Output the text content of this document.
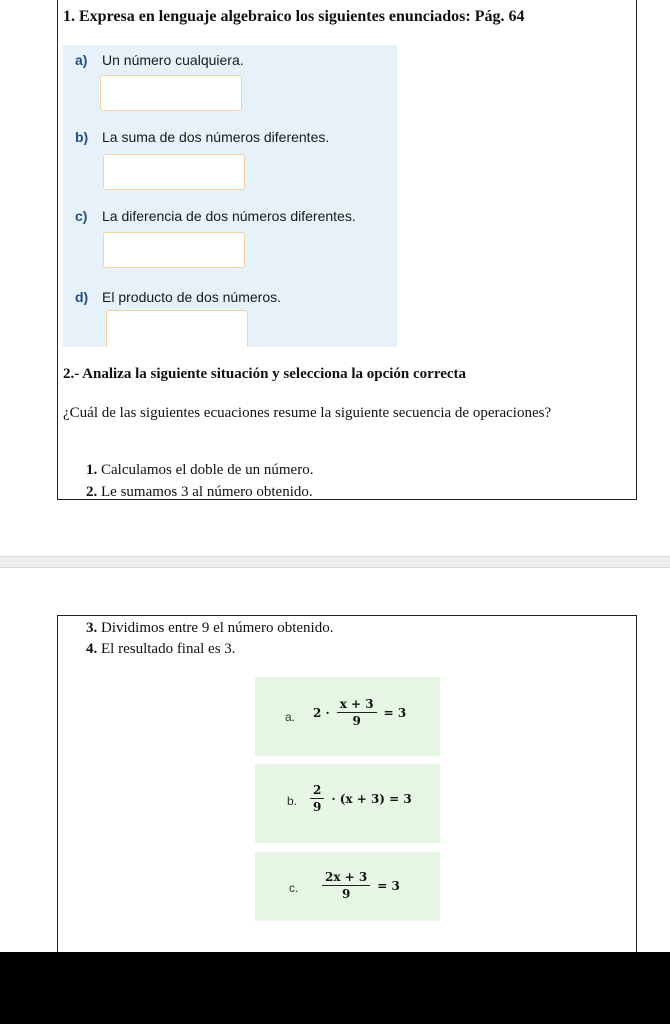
1. Expresa en lenguaje algebraico los siguientes enunciados: Pág. 64
a) Un número cualquiera.
b) La suma de dos números diferentes.
c) La diferencia de dos números diferentes.
d) El producto de dos números.
2.- Analiza la siguiente situación y selecciona la opción correcta
¿Cuál de las siguientes ecuaciones resume la siguiente secuencia de operaciones?
1. Calculamos el doble de un número.
2. Le sumamos 3 al número obtenido.
3. Dividimos entre 9 el número obtenido.
4. El resultado final es 3.
a. $2 \cdot \frac{x + 3}{9} = 3$
b. $\frac{2}{9} \cdot (x + 3) = 3$
c. $\frac{2x + 3}{9} = 3$
